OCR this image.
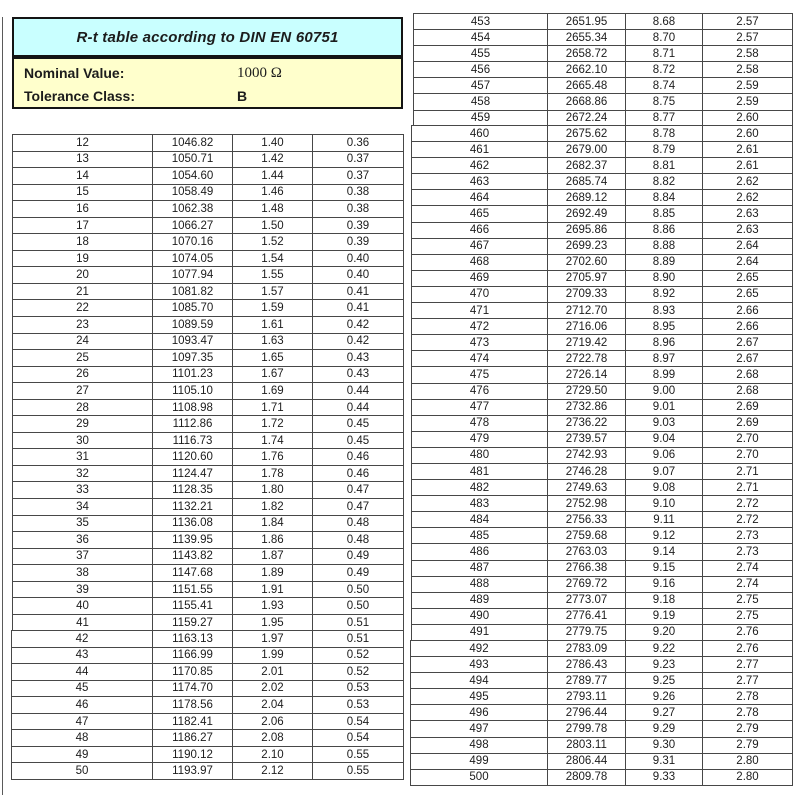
R-t table according to DIN EN 60751
Nominal Value:	1000 Ω
Tolerance Class:	B
12	1046.82	1.40	0.36
13	1050.71	1.42	0.37
14	1054.60	1.44	0.37
15	1058.49	1.46	0.38
16	1062.38	1.48	0.38
17	1066.27	1.50	0.39
18	1070.16	1.52	0.39
19	1074.05	1.54	0.40
20	1077.94	1.55	0.40
21	1081.82	1.57	0.41
22	1085.70	1.59	0.41
23	1089.59	1.61	0.42
24	1093.47	1.63	0.42
25	1097.35	1.65	0.43
26	1101.23	1.67	0.43
27	1105.10	1.69	0.44
28	1108.98	1.71	0.44
29	1112.86	1.72	0.45
30	1116.73	1.74	0.45
31	1120.60	1.76	0.46
32	1124.47	1.78	0.46
33	1128.35	1.80	0.47
34	1132.21	1.82	0.47
35	1136.08	1.84	0.48
36	1139.95	1.86	0.48
37	1143.82	1.87	0.49
38	1147.68	1.89	0.49
39	1151.55	1.91	0.50
40	1155.41	1.93	0.50
41	1159.27	1.95	0.51
42	1163.13	1.97	0.51
43	1166.99	1.99	0.52
44	1170.85	2.01	0.52
45	1174.70	2.02	0.53
46	1178.56	2.04	0.53
47	1182.41	2.06	0.54
48	1186.27	2.08	0.54
49	1190.12	2.10	0.55
50	1193.97	2.12	0.55
453	2651.95	8.68	2.57
454	2655.34	8.70	2.57
455	2658.72	8.71	2.58
456	2662.10	8.72	2.58
457	2665.48	8.74	2.59
458	2668.86	8.75	2.59
459	2672.24	8.77	2.60
460	2675.62	8.78	2.60
461	2679.00	8.79	2.61
462	2682.37	8.81	2.61
463	2685.74	8.82	2.62
464	2689.12	8.84	2.62
465	2692.49	8.85	2.63
466	2695.86	8.86	2.63
467	2699.23	8.88	2.64
468	2702.60	8.89	2.64
469	2705.97	8.90	2.65
470	2709.33	8.92	2.65
471	2712.70	8.93	2.66
472	2716.06	8.95	2.66
473	2719.42	8.96	2.67
474	2722.78	8.97	2.67
475	2726.14	8.99	2.68
476	2729.50	9.00	2.68
477	2732.86	9.01	2.69
478	2736.22	9.03	2.69
479	2739.57	9.04	2.70
480	2742.93	9.06	2.70
481	2746.28	9.07	2.71
482	2749.63	9.08	2.71
483	2752.98	9.10	2.72
484	2756.33	9.11	2.72
485	2759.68	9.12	2.73
486	2763.03	9.14	2.73
487	2766.38	9.15	2.74
488	2769.72	9.16	2.74
489	2773.07	9.18	2.75
490	2776.41	9.19	2.75
491	2779.75	9.20	2.76
492	2783.09	9.22	2.76
493	2786.43	9.23	2.77
494	2789.77	9.25	2.77
495	2793.11	9.26	2.78
496	2796.44	9.27	2.78
497	2799.78	9.29	2.79
498	2803.11	9.30	2.79
499	2806.44	9.31	2.80
500	2809.78	9.33	2.80
